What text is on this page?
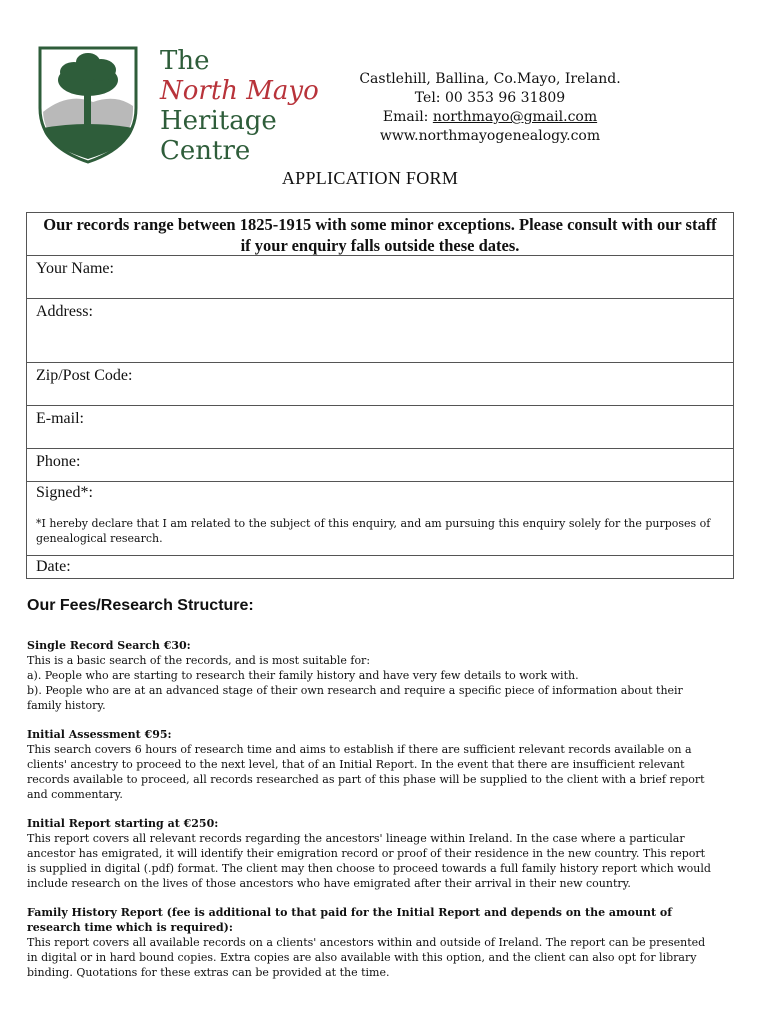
The
North Mayo
Heritage
Centre
Castlehill, Ballina, Co.Mayo, Ireland.
Tel: 00 353 96 31809
Email: northmayo@gmail.com
www.northmayogenealogy.com
APPLICATION FORM
Our records range between 1825-1915 with some minor exceptions. Please consult with our staff if your enquiry falls outside these dates.
Your Name:
Address:
Zip/Post Code:
E-mail:
Phone:
Signed*:
*I hereby declare that I am related to the subject of this enquiry, and am pursuing this enquiry solely for the purposes of genealogical research.
Date:
Our Fees/Research Structure:
Single Record Search €30:

This is a basic search of the records, and is most suitable for:

a). People who are starting to research their family history and have very few details to work with.

b). People who are at an advanced stage of their own research and require a specific piece of information about their family history.

Initial Assessment €95:

This search covers 6 hours of research time and aims to establish if there are sufficient relevant records available on a clients' ancestry to proceed to the next level, that of an Initial Report. In the event that there are insufficient relevant records available to proceed, all records researched as part of this phase will be supplied to the client with a brief report and commentary.

Initial Report starting at €250:

This report covers all relevant records regarding the ancestors' lineage within Ireland. In the case where a particular ancestor has emigrated, it will identify their emigration record or proof of their residence in the new country. This report is supplied in digital (.pdf) format. The client may then choose to proceed towards a full family history report which would include research on the lives of those ancestors who have emigrated after their arrival in their new country.

Family History Report (fee is additional to that paid for the Initial Report and depends on the amount of research time which is required):

This report covers all available records on a clients' ancestors within and outside of Ireland. The report can be presented in digital or in hard bound copies. Extra copies are also available with this option, and the client can also opt for library binding. Quotations for these extras can be provided at the time.
